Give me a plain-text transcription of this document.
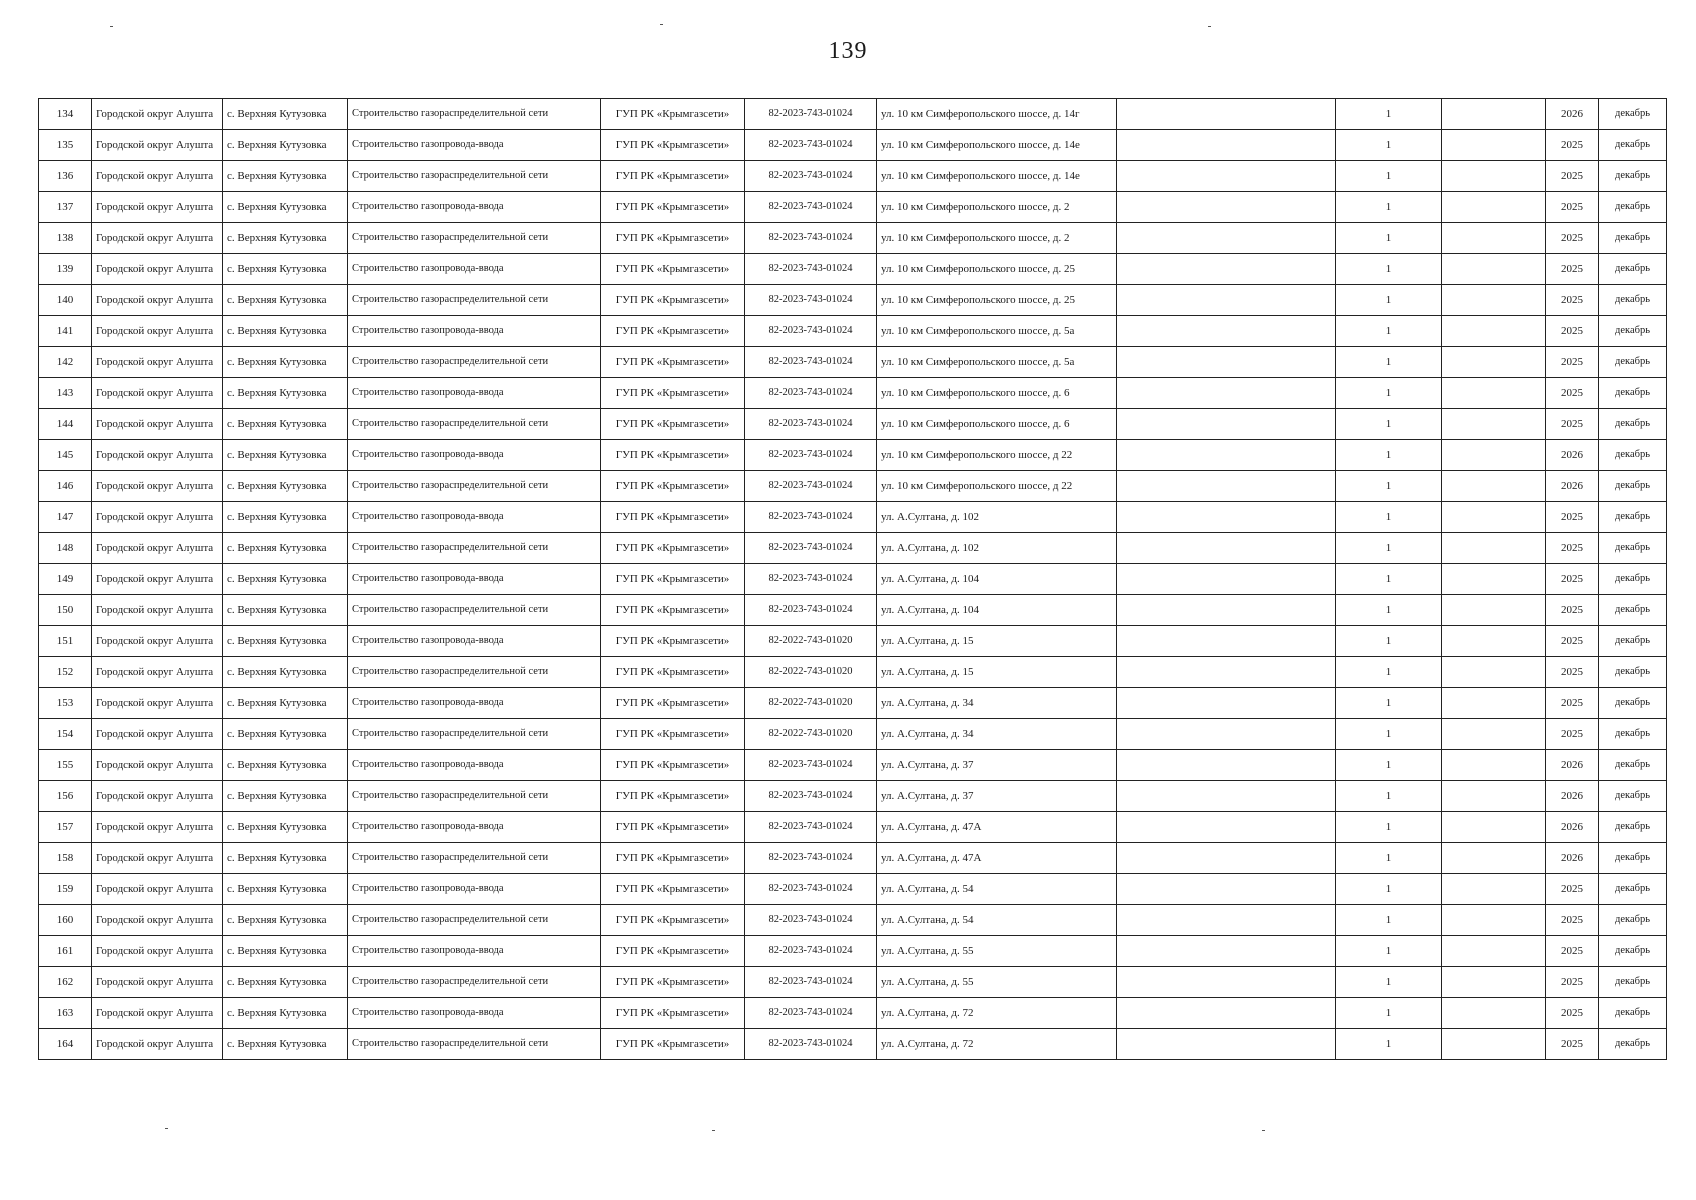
139
134	Городской округ Алушта	с. Верхняя Кутузовка	Строительство газораспределительной сети	ГУП РК «Крымгазсети»	82-2023-743-01024	ул. 10 км Симферопольского шоссе, д. 14г		1		2026	декабрь
135	Городской округ Алушта	с. Верхняя Кутузовка	Строительство газопровода-ввода	ГУП РК «Крымгазсети»	82-2023-743-01024	ул. 10 км Симферопольского шоссе, д. 14е		1		2025	декабрь
136	Городской округ Алушта	с. Верхняя Кутузовка	Строительство газораспределительной сети	ГУП РК «Крымгазсети»	82-2023-743-01024	ул. 10 км Симферопольского шоссе, д. 14е		1		2025	декабрь
137	Городской округ Алушта	с. Верхняя Кутузовка	Строительство газопровода-ввода	ГУП РК «Крымгазсети»	82-2023-743-01024	ул. 10 км Симферопольского шоссе, д. 2		1		2025	декабрь
138	Городской округ Алушта	с. Верхняя Кутузовка	Строительство газораспределительной сети	ГУП РК «Крымгазсети»	82-2023-743-01024	ул. 10 км Симферопольского шоссе, д. 2		1		2025	декабрь
139	Городской округ Алушта	с. Верхняя Кутузовка	Строительство газопровода-ввода	ГУП РК «Крымгазсети»	82-2023-743-01024	ул. 10 км Симферопольского шоссе, д. 25		1		2025	декабрь
140	Городской округ Алушта	с. Верхняя Кутузовка	Строительство газораспределительной сети	ГУП РК «Крымгазсети»	82-2023-743-01024	ул. 10 км Симферопольского шоссе, д. 25		1		2025	декабрь
141	Городской округ Алушта	с. Верхняя Кутузовка	Строительство газопровода-ввода	ГУП РК «Крымгазсети»	82-2023-743-01024	ул. 10 км Симферопольского шоссе, д. 5а		1		2025	декабрь
142	Городской округ Алушта	с. Верхняя Кутузовка	Строительство газораспределительной сети	ГУП РК «Крымгазсети»	82-2023-743-01024	ул. 10 км Симферопольского шоссе, д. 5а		1		2025	декабрь
143	Городской округ Алушта	с. Верхняя Кутузовка	Строительство газопровода-ввода	ГУП РК «Крымгазсети»	82-2023-743-01024	ул. 10 км Симферопольского шоссе, д. 6		1		2025	декабрь
144	Городской округ Алушта	с. Верхняя Кутузовка	Строительство газораспределительной сети	ГУП РК «Крымгазсети»	82-2023-743-01024	ул. 10 км Симферопольского шоссе, д. 6		1		2025	декабрь
145	Городской округ Алушта	с. Верхняя Кутузовка	Строительство газопровода-ввода	ГУП РК «Крымгазсети»	82-2023-743-01024	ул. 10 км Симферопольского шоссе, д 22		1		2026	декабрь
146	Городской округ Алушта	с. Верхняя Кутузовка	Строительство газораспределительной сети	ГУП РК «Крымгазсети»	82-2023-743-01024	ул. 10 км Симферопольского шоссе, д 22		1		2026	декабрь
147	Городской округ Алушта	с. Верхняя Кутузовка	Строительство газопровода-ввода	ГУП РК «Крымгазсети»	82-2023-743-01024	ул. А.Султана, д. 102		1		2025	декабрь
148	Городской округ Алушта	с. Верхняя Кутузовка	Строительство газораспределительной сети	ГУП РК «Крымгазсети»	82-2023-743-01024	ул. А.Султана, д. 102		1		2025	декабрь
149	Городской округ Алушта	с. Верхняя Кутузовка	Строительство газопровода-ввода	ГУП РК «Крымгазсети»	82-2023-743-01024	ул. А.Султана, д. 104		1		2025	декабрь
150	Городской округ Алушта	с. Верхняя Кутузовка	Строительство газораспределительной сети	ГУП РК «Крымгазсети»	82-2023-743-01024	ул. А.Султана, д. 104		1		2025	декабрь
151	Городской округ Алушта	с. Верхняя Кутузовка	Строительство газопровода-ввода	ГУП РК «Крымгазсети»	82-2022-743-01020	ул. А.Султана, д. 15		1		2025	декабрь
152	Городской округ Алушта	с. Верхняя Кутузовка	Строительство газораспределительной сети	ГУП РК «Крымгазсети»	82-2022-743-01020	ул. А.Султана, д. 15		1		2025	декабрь
153	Городской округ Алушта	с. Верхняя Кутузовка	Строительство газопровода-ввода	ГУП РК «Крымгазсети»	82-2022-743-01020	ул. А.Султана, д. 34		1		2025	декабрь
154	Городской округ Алушта	с. Верхняя Кутузовка	Строительство газораспределительной сети	ГУП РК «Крымгазсети»	82-2022-743-01020	ул. А.Султана, д. 34		1		2025	декабрь
155	Городской округ Алушта	с. Верхняя Кутузовка	Строительство газопровода-ввода	ГУП РК «Крымгазсети»	82-2023-743-01024	ул. А.Султана, д. 37		1		2026	декабрь
156	Городской округ Алушта	с. Верхняя Кутузовка	Строительство газораспределительной сети	ГУП РК «Крымгазсети»	82-2023-743-01024	ул. А.Султана, д. 37		1		2026	декабрь
157	Городской округ Алушта	с. Верхняя Кутузовка	Строительство газопровода-ввода	ГУП РК «Крымгазсети»	82-2023-743-01024	ул. А.Султана, д. 47А		1		2026	декабрь
158	Городской округ Алушта	с. Верхняя Кутузовка	Строительство газораспределительной сети	ГУП РК «Крымгазсети»	82-2023-743-01024	ул. А.Султана, д. 47А		1		2026	декабрь
159	Городской округ Алушта	с. Верхняя Кутузовка	Строительство газопровода-ввода	ГУП РК «Крымгазсети»	82-2023-743-01024	ул. А.Султана, д. 54		1		2025	декабрь
160	Городской округ Алушта	с. Верхняя Кутузовка	Строительство газораспределительной сети	ГУП РК «Крымгазсети»	82-2023-743-01024	ул. А.Султана, д. 54		1		2025	декабрь
161	Городской округ Алушта	с. Верхняя Кутузовка	Строительство газопровода-ввода	ГУП РК «Крымгазсети»	82-2023-743-01024	ул. А.Султана, д. 55		1		2025	декабрь
162	Городской округ Алушта	с. Верхняя Кутузовка	Строительство газораспределительной сети	ГУП РК «Крымгазсети»	82-2023-743-01024	ул. А.Султана, д. 55		1		2025	декабрь
163	Городской округ Алушта	с. Верхняя Кутузовка	Строительство газопровода-ввода	ГУП РК «Крымгазсети»	82-2023-743-01024	ул. А.Султана, д. 72		1		2025	декабрь
164	Городской округ Алушта	с. Верхняя Кутузовка	Строительство газораспределительной сети	ГУП РК «Крымгазсети»	82-2023-743-01024	ул. А.Султана, д. 72		1		2025	декабрь
